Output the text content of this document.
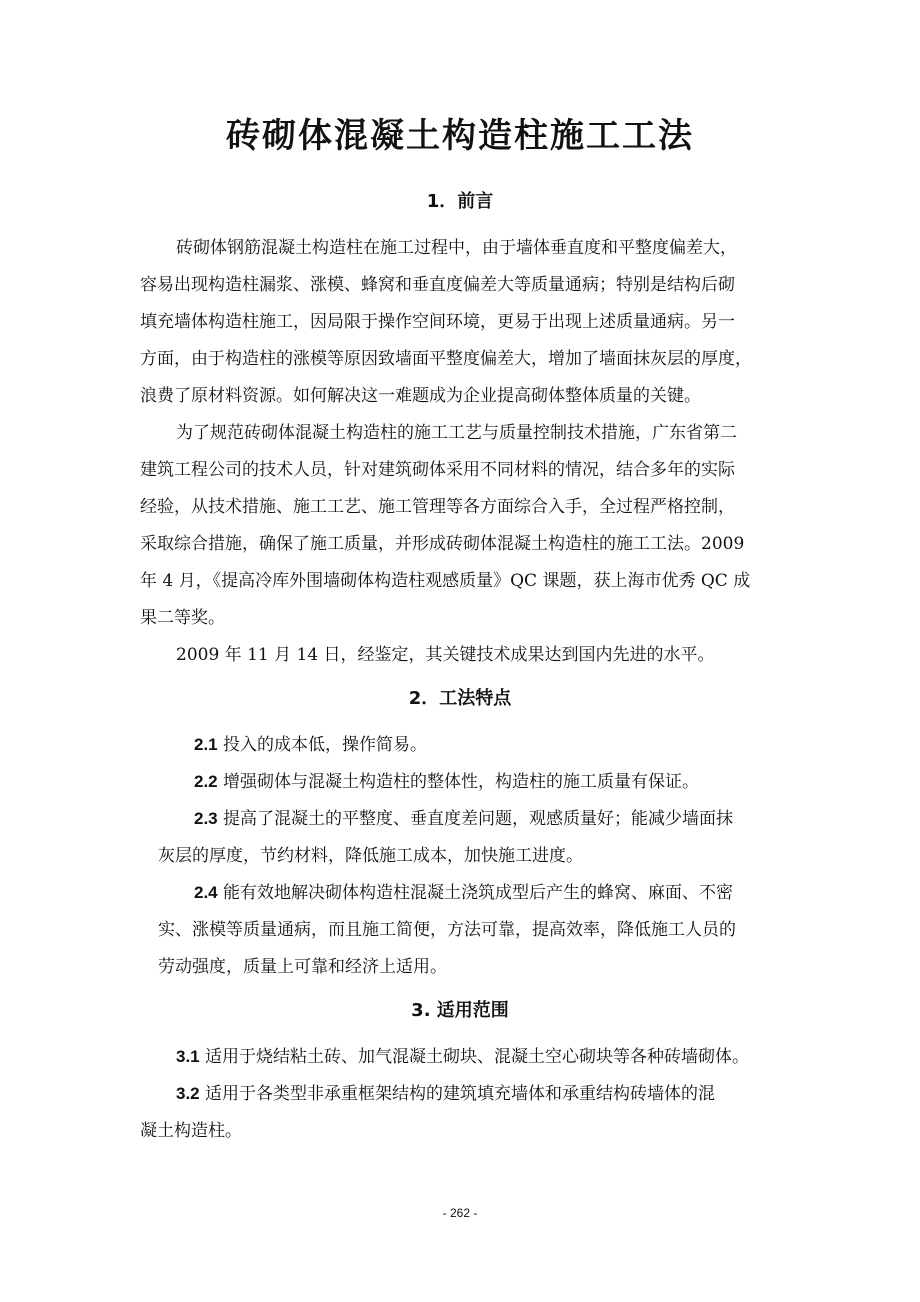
砖砌体混凝土构造柱施工工法
1．前言
砖砌体钢筋混凝土构造柱在施工过程中，由于墙体垂直度和平整度偏差大，
容易出现构造柱漏浆、涨模、蜂窝和垂直度偏差大等质量通病；特别是结构后砌
填充墙体构造柱施工，因局限于操作空间环境，更易于出现上述质量通病。另一
方面，由于构造柱的涨模等原因致墙面平整度偏差大，增加了墙面抹灰层的厚度，
浪费了原材料资源。如何解决这一难题成为企业提高砌体整体质量的关键。
为了规范砖砌体混凝土构造柱的施工工艺与质量控制技术措施，广东省第二
建筑工程公司的技术人员，针对建筑砌体采用不同材料的情况，结合多年的实际
经验，从技术措施、施工工艺、施工管理等各方面综合入手，全过程严格控制，
采取综合措施，确保了施工质量，并形成砖砌体混凝土构造柱的施工工法。2009
年 4 月，《提高冷库外围墙砌体构造柱观感质量》QC 课题，获上海市优秀 QC 成
果二等奖。
2009 年 11 月 14 日，经鉴定，其关键技术成果达到国内先进的水平。
2．工法特点
2.1 投入的成本低，操作简易。
2.2 增强砌体与混凝土构造柱的整体性，构造柱的施工质量有保证。
2.3 提高了混凝土的平整度、垂直度差问题，观感质量好；能减少墙面抹
灰层的厚度，节约材料，降低施工成本，加快施工进度。
2.4 能有效地解决砌体构造柱混凝土浇筑成型后产生的蜂窝、麻面、不密
实、涨模等质量通病，而且施工简便，方法可靠，提高效率，降低施工人员的
劳动强度，质量上可靠和经济上适用。
3. 适用范围
3.1 适用于烧结粘土砖、加气混凝土砌块、混凝土空心砌块等各种砖墙砌体。
3.2 适用于各类型非承重框架结构的建筑填充墙体和承重结构砖墙体的混
凝土构造柱。
- 262 -
